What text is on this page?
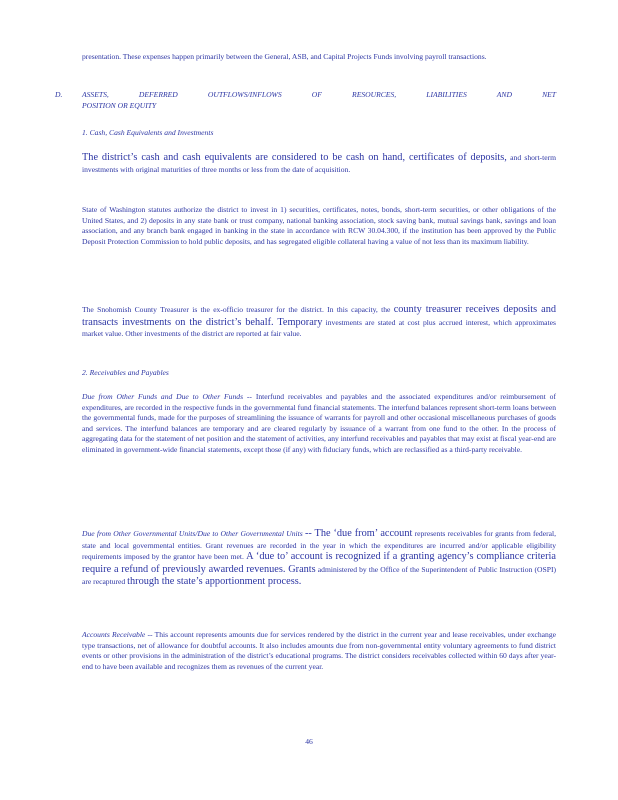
presentation. These expenses happen primarily between the General, ASB, and Capital Projects Funds involving payroll transactions.

D.	ASSETS, DEFERRED OUTFLOWS/INFLOWS OF RESOURCES, LIABILITIES AND NET
POSITION OR EQUITY
1. Cash, Cash Equivalents and Investments
The district’s cash and cash equivalents are considered to be cash on hand, certificates of deposits, and short-term investments with original maturities of three months or less from the date of acquisition.

State of Washington statutes authorize the district to invest in 1) securities, certificates, notes, bonds, short-term securities, or other obligations of the United States, and 2) deposits in any state bank or trust company, national banking association, stock saving bank, mutual savings bank, savings and loan association, and any branch bank engaged in banking in the state in accordance with RCW 30.04.300, if the institution has been approved by the Public Deposit Protection Commission to hold public deposits, and has segregated eligible collateral having a value of not less than its maximum liability.

The Snohomish County Treasurer is the ex-officio treasurer for the district. In this capacity, the county treasurer receives deposits and transacts investments on the district’s behalf. Temporary investments are stated at cost plus accrued interest, which approximates market value. Other investments of the district are reported at fair value.
2. Receivables and Payables
Due from Other Funds and Due to Other Funds -- Interfund receivables and payables and the associated expenditures and/or reimbursement of expenditures, are recorded in the respective funds in the governmental fund financial statements. The interfund balances represent short-term loans between the governmental funds, made for the purposes of streamlining the issuance of warrants for payroll and other occasional miscellaneous purchases of goods and services. The interfund balances are temporary and are cleared regularly by issuance of a warrant from one fund to the other. In the process of aggregating data for the statement of net position and the statement of activities, any interfund receivables and payables that may exist at fiscal year-end are eliminated in government-wide financial statements, except those (if any) with fiduciary funds, which are reclassified as a third-party receivable.
Due from Other Governmental Units/Due to Other Governmental Units -- The ‘due from’ account represents receivables for grants from federal, state and local governmental entities. Grant revenues are recorded in the year in which the expenditures are incurred and/or applicable eligibility requirements imposed by the grantor have been met. A ‘due to’ account is recognized if a granting agency’s compliance criteria require a refund of previously awarded revenues. Grants administered by the Office of the Superintendent of Public Instruction (OSPI) are recaptured through the state’s apportionment process.
Accounts Receivable -- This account represents amounts due for services rendered by the district in the current year and lease receivables, under exchange type transactions, net of allowance for doubtful accounts. It also includes amounts due from non-governmental entity voluntary agreements to fund district events or other provisions in the administration of the district’s educational programs. The district considers receivables collected within 60 days after year-end to have been available and recognizes them as revenues of the current year.
46
